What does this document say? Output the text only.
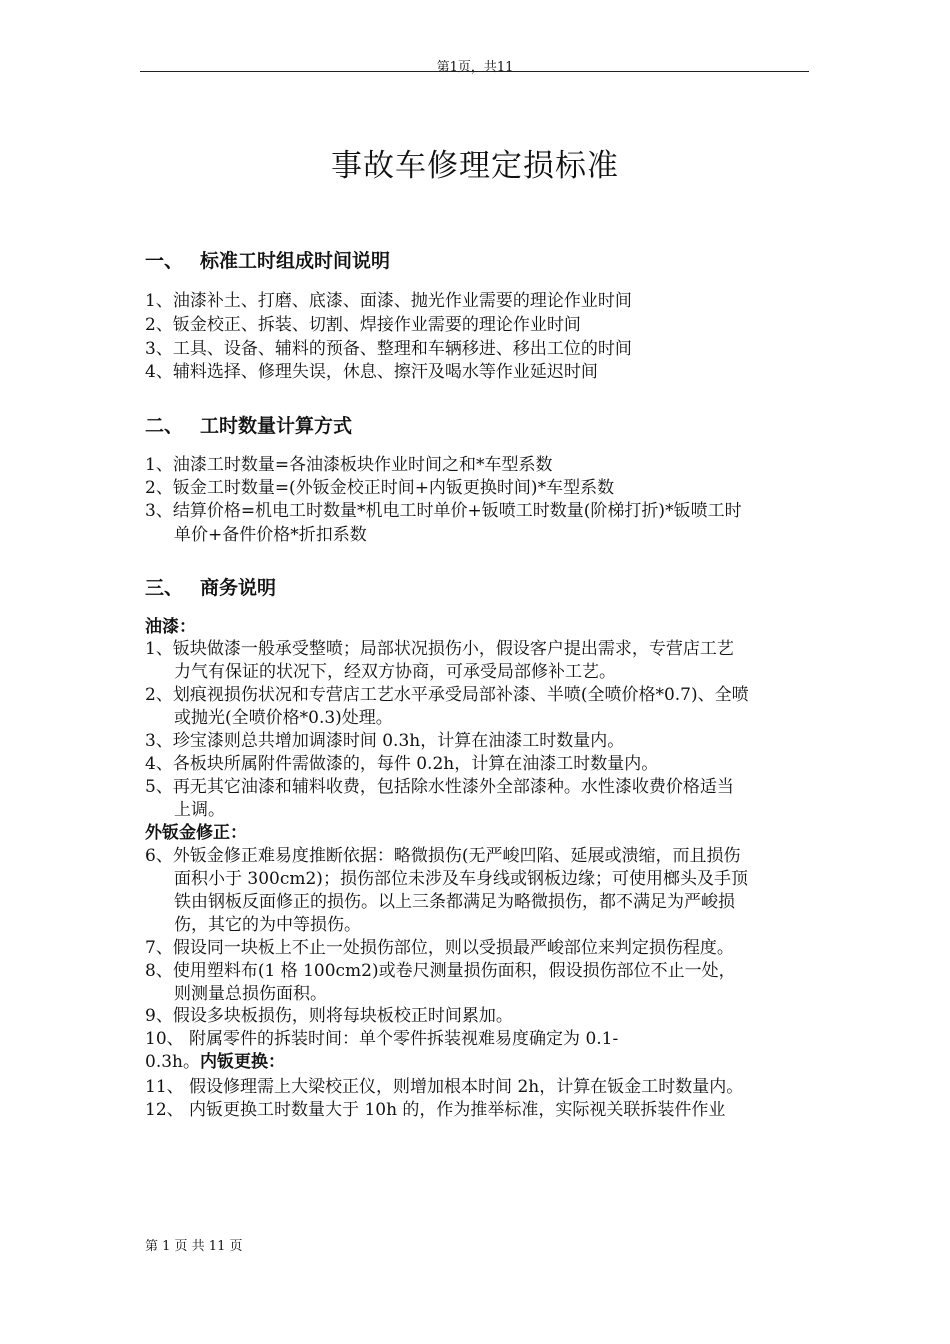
第1页，共11
事故车修理定损标准
一、 标准工时组成时间说明
1、油漆补土、打磨、底漆、面漆、抛光作业需要的理论作业时间
2、钣金校正、拆装、切割、焊接作业需要的理论作业时间
3、工具、设备、辅料的预备、整理和车辆移进、移出工位的时间
4、辅料选择、修理失误，休息、擦汗及喝水等作业延迟时间
二、 工时数量计算方式
1、油漆工时数量=各油漆板块作业时间之和*车型系数
2、钣金工时数量=(外钣金校正时间+内钣更换时间)*车型系数
3、结算价格=机电工时数量*机电工时单价+钣喷工时数量(阶梯打折)*钣喷工时
单价+备件价格*折扣系数
三、 商务说明
油漆：
1、钣块做漆一般承受整喷；局部状况损伤小，假设客户提出需求，专营店工艺
力气有保证的状况下，经双方协商，可承受局部修补工艺。
2、划痕视损伤状况和专营店工艺水平承受局部补漆、半喷(全喷价格*0.7)、全喷
或抛光(全喷价格*0.3)处理。
3、珍宝漆则总共增加调漆时间 0.3h，计算在油漆工时数量内。
4、各板块所属附件需做漆的，每件 0.2h，计算在油漆工时数量内。
5、再无其它油漆和辅料收费，包括除水性漆外全部漆种。水性漆收费价格适当
上调。
外钣金修正：
6、外钣金修正难易度推断依据：略微损伤(无严峻凹陷、延展或溃缩，而且损伤
面积小于 300cm2)；损伤部位未涉及车身线或钢板边缘；可使用榔头及手顶
铁由钢板反面修正的损伤。以上三条都满足为略微损伤，都不满足为严峻损
伤，其它的为中等损伤。
7、假设同一块板上不止一处损伤部位，则以受损最严峻部位来判定损伤程度。
8、使用塑料布(1 格 100cm2)或卷尺测量损伤面积，假设损伤部位不止一处，
则测量总损伤面积。
9、假设多块板损伤，则将每块板校正时间累加。
10、 附属零件的拆装时间：单个零件拆装视难易度确定为 0.1-
0.3h。内钣更换：
11、 假设修理需上大梁校正仪，则增加根本时间 2h，计算在钣金工时数量内。
12、 内钣更换工时数量大于 10h 的，作为推举标准，实际视关联拆装件作业
第 1 页 共 11 页
